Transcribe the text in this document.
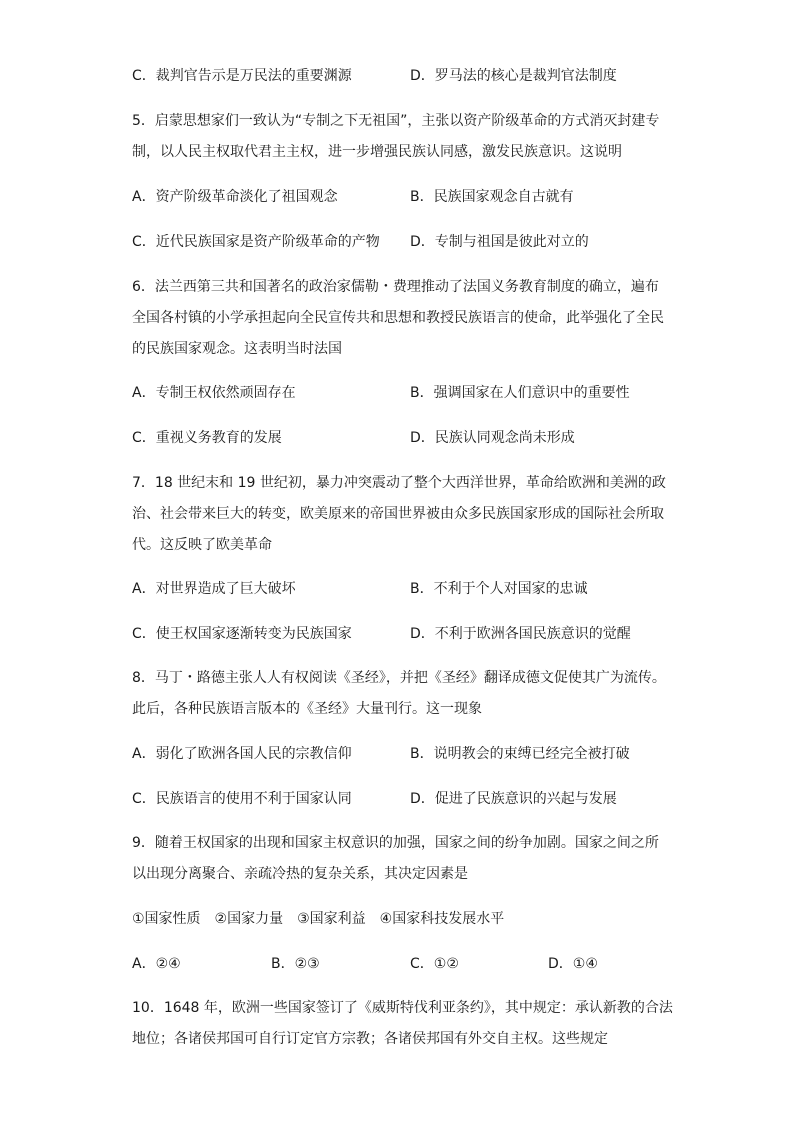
C．裁判官告示是万民法的重要渊源	D．罗马法的核心是裁判官法制度
5．启蒙思想家们一致认为“专制之下无祖国”，主张以资产阶级革命的方式消灭封建专
制，以人民主权取代君主主权，进一步增强民族认同感，激发民族意识。这说明
A．资产阶级革命淡化了祖国观念	B．民族国家观念自古就有
C．近代民族国家是资产阶级革命的产物 D．专制与祖国是彼此对立的
6．法兰西第三共和国著名的政治家儒勒・费理推动了法国义务教育制度的确立，遍布
全国各村镇的小学承担起向全民宣传共和思想和教授民族语言的使命，此举强化了全民
的民族国家观念。这表明当时法国
A．专制王权依然顽固存在	B．强调国家在人们意识中的重要性
C．重视义务教育的发展	D．民族认同观念尚未形成
7．18 世纪末和 19 世纪初，暴力冲突震动了整个大西洋世界，革命给欧洲和美洲的政
治、社会带来巨大的转变，欧美原来的帝国世界被由众多民族国家形成的国际社会所取
代。这反映了欧美革命
A．对世界造成了巨大破坏	B．不利于个人对国家的忠诚
C．使王权国家逐渐转变为民族国家	D．不利于欧洲各国民族意识的觉醒
8．马丁・路德主张人人有权阅读《圣经》，并把《圣经》翻译成德文促使其广为流传。
此后，各种民族语言版本的《圣经》大量刊行。这一现象
A．弱化了欧洲各国人民的宗教信仰	B．说明教会的束缚已经完全被打破
C．民族语言的使用不利于国家认同	D．促进了民族意识的兴起与发展
9．随着王权国家的出现和国家主权意识的加强，国家之间的纷争加剧。国家之间之所
以出现分离聚合、亲疏冷热的复杂关系，其决定因素是
①国家性质　②国家力量　③国家利益　④国家科技发展水平
A．②④	B．②③	C．①②	D．①④
10．1648 年，欧洲一些国家签订了《威斯特伐利亚条约》，其中规定：承认新教的合法
地位；各诸侯邦国可自行订定官方宗教；各诸侯邦国有外交自主权。这些规定
